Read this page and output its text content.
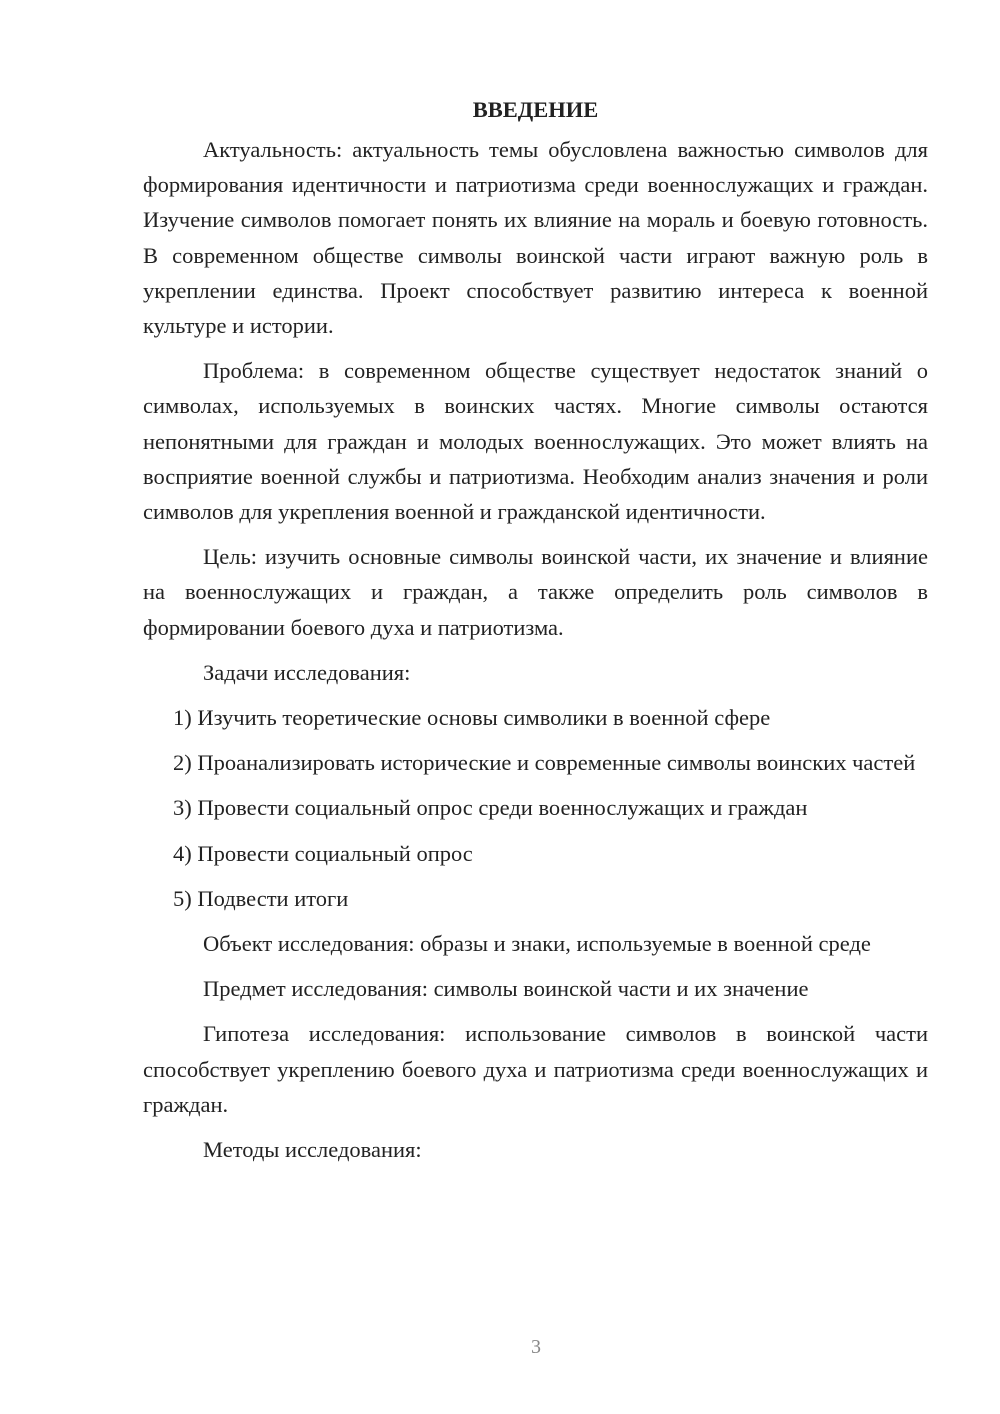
ВВЕДЕНИЕ

Актуальность: актуальность темы обусловлена важностью символов для формирования идентичности и патриотизма среди военнослужащих и граждан. Изучение символов помогает понять их влияние на мораль и боевую готовность. В современном обществе символы воинской части играют важную роль в укреплении единства. Проект способствует развитию интереса к военной культуре и истории.

Проблема: в современном обществе существует недостаток знаний о символах, используемых в воинских частях. Многие символы остаются непонятными для граждан и молодых военнослужащих. Это может влиять на восприятие военной службы и патриотизма. Необходим анализ значения и роли символов для укрепления военной и гражданской идентичности.

Цель: изучить основные символы воинской части, их значение и влияние на военнослужащих и граждан, а также определить роль символов в формировании боевого духа и патриотизма.

Задачи исследования:

1) Изучить теоретические основы символики в военной сфере

2) Проанализировать исторические и современные символы воинских частей

3) Провести социальный опрос среди военнослужащих и граждан

4) Провести социальный опрос

5) Подвести итоги

Объект исследования: образы и знаки, используемые в военной среде

Предмет исследования: символы воинской части и их значение

Гипотеза исследования: использование символов в воинской части способствует укреплению боевого духа и патриотизма среди военнослужащих и граждан.

Методы исследования:

3
